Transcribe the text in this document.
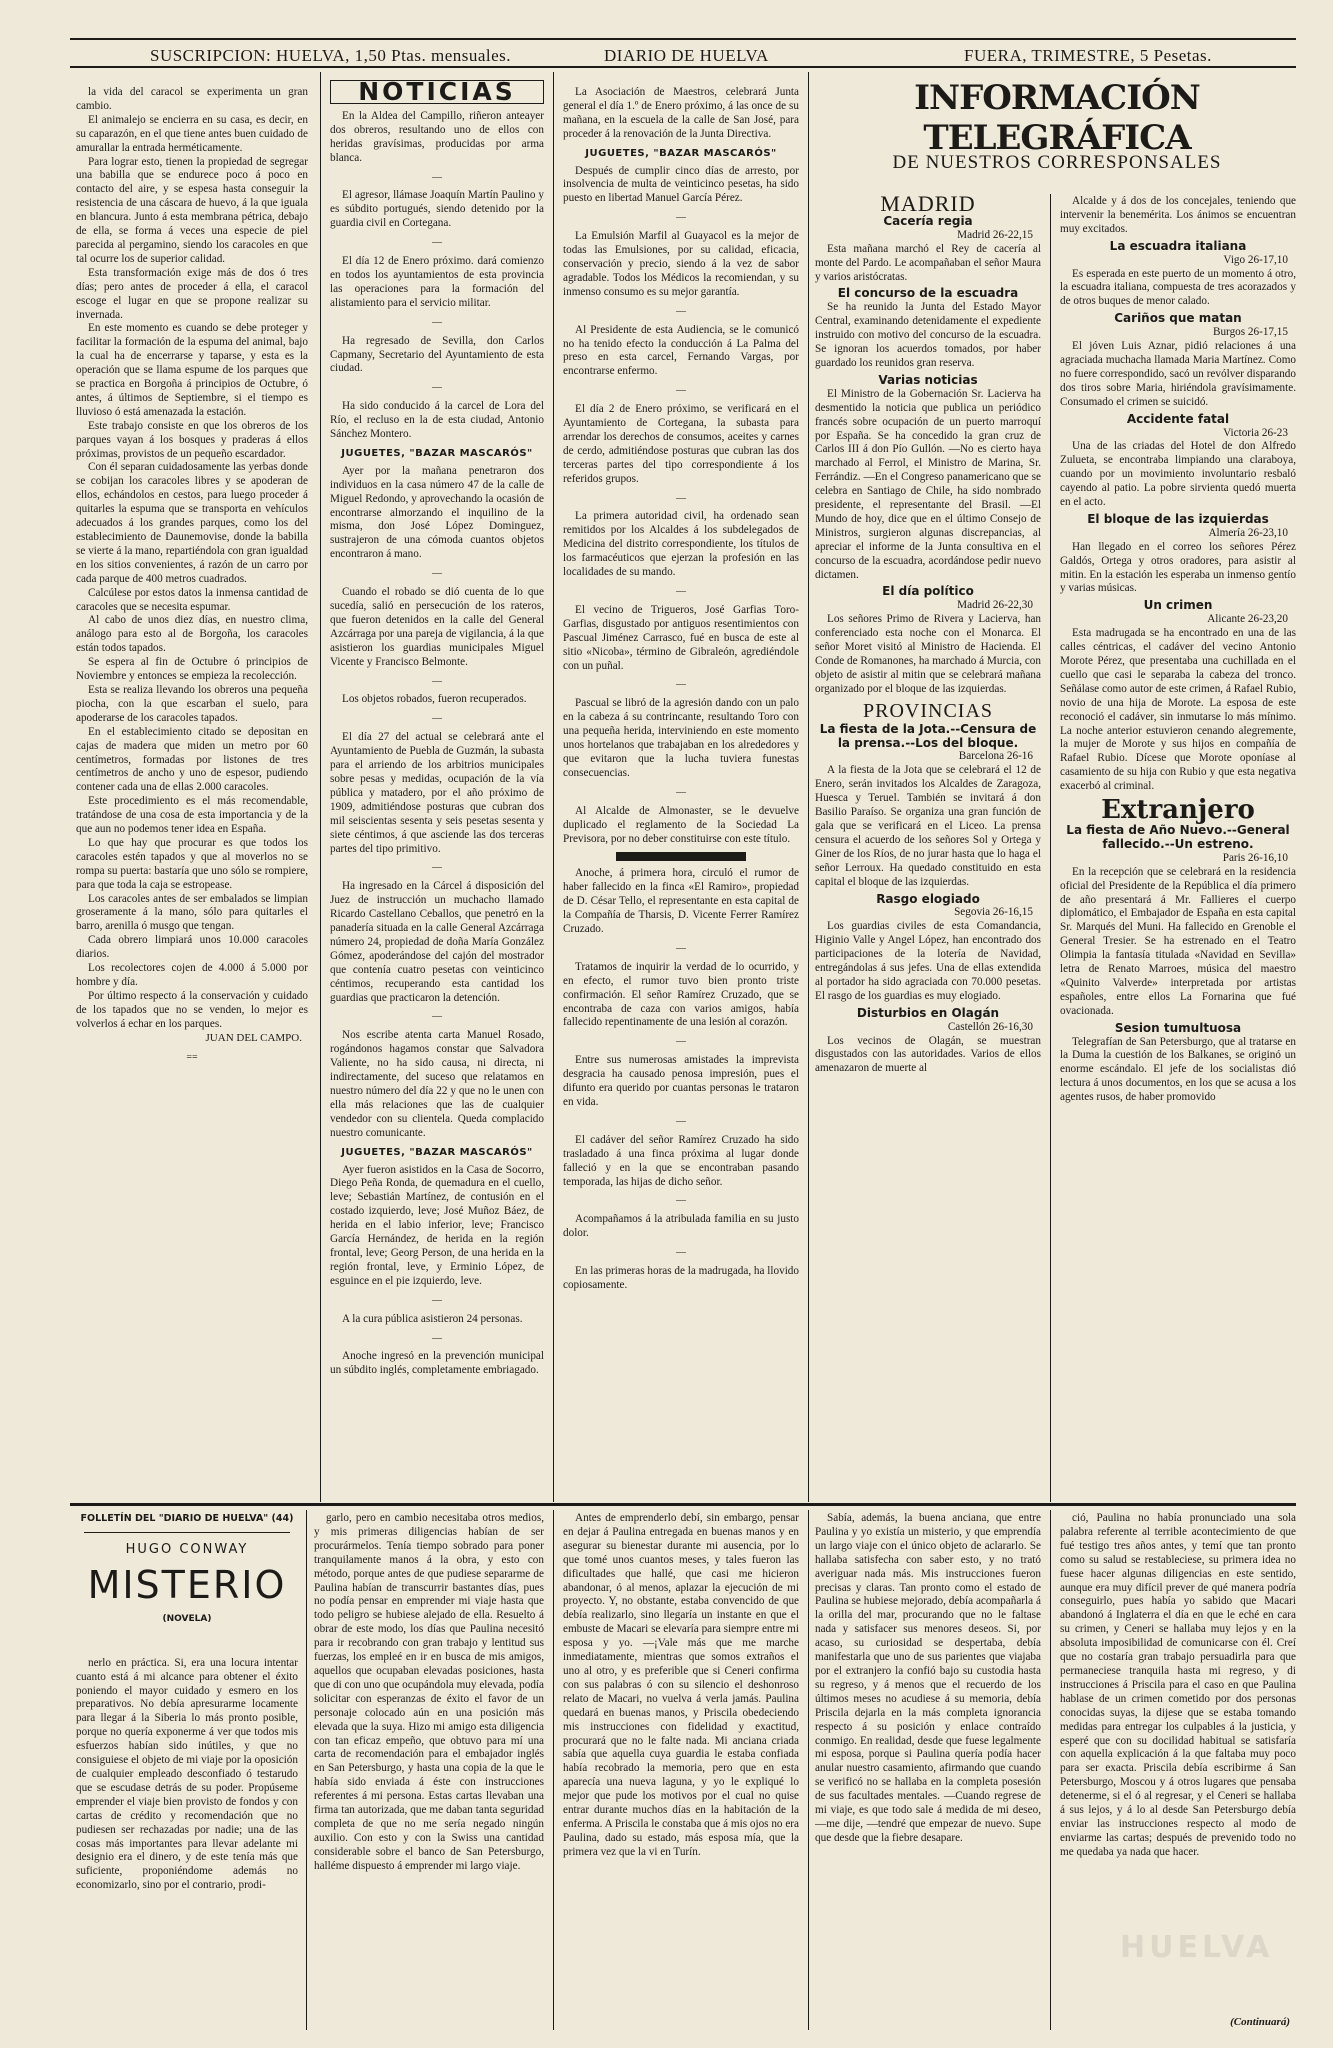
SUSCRIPCION: HUELVA, 1,50 Ptas. mensuales.	DIARIO DE HUELVA	FUERA, TRIMESTRE, 5 Pesetas.

la vida del caracol se experimenta un gran cambio.

El animalejo se encierra en su casa, es decir, en su caparazón, en el que tiene antes buen cuidado de amurallar la entrada herméticamente.

Para lograr esto, tienen la propiedad de segregar una babilla que se endurece poco á poco en contacto del aire, y se espesa hasta conseguir la resistencia de una cáscara de huevo, á la que iguala en blancura. Junto á esta membrana pétrica, debajo de ella, se forma á veces una especie de piel parecida al pergamino, siendo los caracoles en que tal ocurre los de superior calidad.

Esta transformación exige más de dos ó tres días; pero antes de proceder á ella, el caracol escoge el lugar en que se propone realizar su invernada.

En este momento es cuando se debe proteger y facilitar la formación de la espuma del animal, bajo la cual ha de encerrarse y taparse, y esta es la operación que se llama espume de los parques que se practica en Borgoña á principios de Octubre, ó antes, á últimos de Septiembre, si el tiempo es lluvioso ó está amenazada la estación.

Este trabajo consiste en que los obreros de los parques vayan á los bosques y praderas á ellos próximas, provistos de un pequeño escardador.

Con él separan cuidadosamente las yerbas donde se cobijan los caracoles libres y se apoderan de ellos, echándolos en cestos, para luego proceder á quitarles la espuma que se transporta en vehículos adecuados á los grandes parques, como los del establecimiento de Daunemovise, donde la babilla se vierte á la mano, repartiéndola con gran igualdad en los sitios convenientes, á razón de un carro por cada parque de 400 metros cuadrados.

Calcúlese por estos datos la inmensa cantidad de caracoles que se necesita espumar.

Al cabo de unos diez días, en nuestro clima, análogo para esto al de Borgoña, los caracoles están todos tapados.

Se espera al fin de Octubre ó principios de Noviembre y entonces se empieza la recolección.

Esta se realiza llevando los obreros una pequeña piocha, con la que escarban el suelo, para apoderarse de los caracoles tapados.

En el establecimiento citado se depositan en cajas de madera que miden un metro por 60 centímetros, formadas por listones de tres centímetros de ancho y uno de espesor, pudiendo contener cada una de ellas 2.000 caracoles.

Este procedimiento es el más recomendable, tratándose de una cosa de esta importancia y de la que aun no podemos tener idea en España.

Lo que hay que procurar es que todos los caracoles estén tapados y que al moverlos no se rompa su puerta: bastaría que uno sólo se rompiere, para que toda la caja se estropease.

Los caracoles antes de ser embalados se limpian groseramente á la mano, sólo para quitarles el barro, arenilla ó musgo que tengan.

Cada obrero limpiará unos 10.000 caracoles diarios.

Los recolectores cojen de 4.000 á 5.000 por hombre y día.

Por último respecto á la conservación y cuidado de los tapados que no se venden, lo mejor es volverlos á echar en los parques.

JUAN DEL CAMPO.
==
NOTICIAS

En la Aldea del Campillo, riñeron anteayer dos obreros, resultando uno de ellos con heridas gravísimas, producidas por arma blanca.

—

El agresor, llámase Joaquín Martín Paulino y es súbdito portugués, siendo detenido por la guardia civil en Cortegana.

—

El día 12 de Enero próximo. dará comienzo en todos los ayuntamientos de esta provincia las operaciones para la formación del alistamiento para el servicio militar.

—

Ha regresado de Sevilla, don Carlos Capmany, Secretario del Ayuntamiento de esta ciudad.

—

Ha sido conducido á la carcel de Lora del Río, el recluso en la de esta ciudad, Antonio Sánchez Montero.

JUGUETES, "BAZAR MASCARÓS"

Ayer por la mañana penetraron dos individuos en la casa número 47 de la calle de Miguel Redondo, y aprovechando la ocasión de encontrarse almorzando el inquilino de la misma, don José López Dominguez, sustrajeron de una cómoda cuantos objetos encontraron á mano.

—

Cuando el robado se dió cuenta de lo que sucedía, salió en persecución de los rateros, que fueron detenidos en la calle del General Azcárraga por una pareja de vigilancia, á la que asistieron los guardias municipales Miguel Vicente y Francisco Belmonte.

—

Los objetos robados, fueron recuperados.

—

El día 27 del actual se celebrará ante el Ayuntamiento de Puebla de Guzmán, la subasta para el arriendo de los arbitrios municipales sobre pesas y medidas, ocupación de la vía pública y matadero, por el año próximo de 1909, admitiéndose posturas que cubran dos mil seiscientas sesenta y seis pesetas sesenta y siete céntimos, á que asciende las dos terceras partes del tipo primitivo.

—

Ha ingresado en la Cárcel á disposición del Juez de instrucción un muchacho llamado Ricardo Castellano Ceballos, que penetró en la panadería situada en la calle General Azcárraga número 24, propiedad de doña María González Gómez, apoderándose del cajón del mostrador que contenía cuatro pesetas con veinticinco céntimos, recuperando esta cantidad los guardias que practicaron la detención.

—

Nos escribe atenta carta Manuel Rosado, rogándonos hagamos constar que Salvadora Valiente, no ha sido causa, ni directa, ni indirectamente, del suceso que relatamos en nuestro número del día 22 y que no le unen con ella más relaciones que las de cualquier vendedor con su clientela. Queda complacido nuestro comunicante.

JUGUETES, "BAZAR MASCARÓS"

Ayer fueron asistidos en la Casa de Socorro, Diego Peña Ronda, de quemadura en el cuello, leve; Sebastián Martínez, de contusión en el costado izquierdo, leve; José Muñoz Báez, de herida en el labio inferior, leve; Francisco García Hernández, de herida en la región frontal, leve; Georg Person, de una herida en la región frontal, leve, y Erminio López, de esguince en el pie izquierdo, leve.

—

A la cura pública asistieron 24 personas.

—

Anoche ingresó en la prevención municipal un súbdito inglés, completamente embriagado.

La Asociación de Maestros, celebrará Junta general el día 1.º de Enero próximo, á las once de su mañana, en la escuela de la calle de San José, para proceder á la renovación de la Junta Directiva.

JUGUETES, "BAZAR MASCARÓS"

Después de cumplir cinco días de arresto, por insolvencia de multa de veinticinco pesetas, ha sido puesto en libertad Manuel García Pérez.

—

La Emulsión Marfil al Guayacol es la mejor de todas las Emulsiones, por su calidad, eficacia, conservación y precio, siendo á la vez de sabor agradable. Todos los Médicos la recomiendan, y su inmenso consumo es su mejor garantía.

—

Al Presidente de esta Audiencia, se le comunicó no ha tenido efecto la conducción á La Palma del preso en esta carcel, Fernando Vargas, por encontrarse enfermo.

—

El día 2 de Enero próximo, se verificará en el Ayuntamiento de Cortegana, la subasta para arrendar los derechos de consumos, aceites y carnes de cerdo, admitiéndose posturas que cubran las dos terceras partes del tipo correspondiente á los referidos grupos.

—

La primera autoridad civil, ha ordenado sean remitidos por los Alcaldes á los subdelegados de Medicina del distrito correspondiente, los títulos de los farmacéuticos que ejerzan la profesión en las localidades de su mando.

—

El vecino de Trigueros, José Garfias Toro-Garfias, disgustado por antiguos resentimientos con Pascual Jiménez Carrasco, fué en busca de este al sitio «Nicoba», término de Gibraleón, agrediéndole con un puñal.

—

Pascual se libró de la agresión dando con un palo en la cabeza á su contrincante, resultando Toro con una pequeña herida, interviniendo en este momento unos hortelanos que trabajaban en los alrededores y que evitaron que la lucha tuviera funestas consecuencias.

—

Al Alcalde de Almonaster, se le devuelve duplicado el reglamento de la Sociedad La Previsora, por no deber constituirse con este título.

Anoche, á primera hora, circuló el rumor de haber fallecido en la finca «El Ramiro», propiedad de D. César Tello, el representante en esta capital de la Compañía de Tharsis, D. Vicente Ferrer Ramírez Cruzado.

—

Tratamos de inquirir la verdad de lo ocurrido, y en efecto, el rumor tuvo bien pronto triste confirmación. El señor Ramírez Cruzado, que se encontraba de caza con varios amigos, había fallecido repentinamente de una lesión al corazón.

—

Entre sus numerosas amistades la imprevista desgracia ha causado penosa impresión, pues el difunto era querido por cuantas personas le trataron en vida.

—

El cadáver del señor Ramírez Cruzado ha sido trasladado á una finca próxima al lugar donde falleció y en la que se encontraban pasando temporada, las hijas de dicho señor.

—

Acompañamos á la atribulada familia en su justo dolor.

—

En las primeras horas de la madrugada, ha llovido copiosamente.

INFORMACIÓN TELEGRÁFICA
DE NUESTROS CORRESPONSALES
MADRID
Cacería regia
Madrid 26-22,15

Esta mañana marchó el Rey de cacería al monte del Pardo. Le acompañaban el señor Maura y varios aristócratas.

El concurso de la escuadra

Se ha reunido la Junta del Estado Mayor Central, examinando detenidamente el expediente instruido con motivo del concurso de la escuadra. Se ignoran los acuerdos tomados, por haber guardado los reunidos gran reserva.

Varias noticias

El Ministro de la Gobernación Sr. Lacierva ha desmentido la noticia que publica un periódico francés sobre ocupación de un puerto marroquí por España. Se ha concedido la gran cruz de Carlos III á don Pío Gullón. —No es cierto haya marchado al Ferrol, el Ministro de Marina, Sr. Ferrándiz. —En el Congreso panamericano que se celebra en Santiago de Chile, ha sido nombrado presidente, el representante del Brasil. —El Mundo de hoy, dice que en el último Consejo de Ministros, surgieron algunas discrepancias, al apreciar el informe de la Junta consultiva en el concurso de la escuadra, acordándose pedir nuevo dictamen.

El día político
Madrid 26-22,30

Los señores Primo de Rivera y Lacierva, han conferenciado esta noche con el Monarca. El señor Moret visitó al Ministro de Hacienda. El Conde de Romanones, ha marchado á Murcia, con objeto de asistir al mitin que se celebrará mañana organizado por el bloque de las izquierdas.

PROVINCIAS
La fiesta de la Jota.--Censura de la prensa.--Los del bloque.
Barcelona 26-16

A la fiesta de la Jota que se celebrará el 12 de Enero, serán invitados los Alcaldes de Zaragoza, Huesca y Teruel. También se invitará á don Basilio Paraíso. Se organiza una gran función de gala que se verificará en el Liceo. La prensa censura el acuerdo de los señores Sol y Ortega y Giner de los Ríos, de no jurar hasta que lo haga el señor Lerroux. Ha quedado constituido en esta capital el bloque de las izquierdas.

Rasgo elogiado
Segovia 26-16,15

Los guardias civiles de esta Comandancia, Higinio Valle y Angel López, han encontrado dos participaciones de la lotería de Navidad, entregándolas á sus jefes. Una de ellas extendida al portador ha sido agraciada con 70.000 pesetas. El rasgo de los guardias es muy elogiado.

Disturbios en Olagán
Castellón 26-16,30

Los vecinos de Olagán, se muestran disgustados con las autoridades. Varios de ellos amenazaron de muerte al

Alcalde y á dos de los concejales, teniendo que intervenir la benemérita. Los ánimos se encuentran muy excitados.

La escuadra italiana
Vigo 26-17,10

Es esperada en este puerto de un momento á otro, la escuadra italiana, compuesta de tres acorazados y de otros buques de menor calado.

Cariños que matan
Burgos 26-17,15

El jóven Luis Aznar, pidió relaciones á una agraciada muchacha llamada Maria Martínez. Como no fuere correspondido, sacó un revólver disparando dos tiros sobre Maria, hiriéndola gravísimamente. Consumado el crimen se suicidó.

Accidente fatal
Victoria 26-23

Una de las criadas del Hotel de don Alfredo Zulueta, se encontraba limpiando una claraboya, cuando por un movimiento involuntario resbaló cayendo al patio. La pobre sirvienta quedó muerta en el acto.

El bloque de las izquierdas
Almería 26-23,10

Han llegado en el correo los señores Pérez Galdós, Ortega y otros oradores, para asistir al mitin. En la estación les esperaba un inmenso gentío y varias músicas.

Un crimen
Alicante 26-23,20

Esta madrugada se ha encontrado en una de las calles céntricas, el cadáver del vecino Antonio Morote Pérez, que presentaba una cuchillada en el cuello que casi le separaba la cabeza del tronco. Señálase como autor de este crimen, á Rafael Rubio, novio de una hija de Morote. La esposa de este reconoció el cadáver, sin inmutarse lo más mínimo. La noche anterior estuvieron cenando alegremente, la mujer de Morote y sus hijos en compañía de Rafael Rubio. Dícese que Morote oponíase al casamiento de su hija con Rubio y que esta negativa exacerbó al criminal.

Extranjero
La fiesta de Año Nuevo.--General fallecido.--Un estreno.
Paris 26-16,10

En la recepción que se celebrará en la residencia oficial del Presidente de la República el día primero de año presentará á Mr. Fallieres el cuerpo diplomático, el Embajador de España en esta capital Sr. Marqués del Muni. Ha fallecido en Grenoble el General Tresier. Se ha estrenado en el Teatro Olimpia la fantasía titulada «Navidad en Sevilla» letra de Renato Marroes, música del maestro «Quinito Valverde» interpretada por artistas españoles, entre ellos La Fornarina que fué ovacionada.

Sesion tumultuosa

Telegrafían de San Petersburgo, que al tratarse en la Duma la cuestión de los Balkanes, se originó un enorme escándalo. El jefe de los socialistas dió lectura á unos documentos, en los que se acusa a los agentes rusos, de haber promovido

FOLLETÍN DEL "DIARIO DE HUELVA" (44)
HUGO CONWAY
MISTERIO
(NOVELA)

nerlo en práctica. Si, era una locura intentar cuanto está á mi alcance para obtener el éxito poniendo el mayor cuidado y esmero en los preparativos. No debía apresurarme locamente para llegar á la Siberia lo más pronto posible, porque no quería exponerme á ver que todos mis esfuerzos habían sido inútiles, y que no consiguiese el objeto de mi viaje por la oposición de cualquier empleado desconfiado ó testarudo que se escudase detrás de su poder. Propúseme emprender el viaje bien provisto de fondos y con cartas de crédito y recomendación que no pudiesen ser rechazadas por nadie; una de las cosas más importantes para llevar adelante mi designio era el dinero, y de este tenía más que suficiente, proponiéndome además no economizarlo, sino por el contrario, prodi-

garlo, pero en cambio necesitaba otros medios, y mis primeras diligencias habían de ser procurármelos. Tenía tiempo sobrado para poner tranquilamente manos á la obra, y esto con método, porque antes de que pudiese separarme de Paulina habían de transcurrir bastantes días, pues no podía pensar en emprender mi viaje hasta que todo peligro se hubiese alejado de ella. Resuelto á obrar de este modo, los días que Paulina necesitó para ir recobrando con gran trabajo y lentitud sus fuerzas, los empleé en ir en busca de mis amigos, aquellos que ocupaban elevadas posiciones, hasta que di con uno que ocupándola muy elevada, podía solicitar con esperanzas de éxito el favor de un personaje colocado aún en una posición más elevada que la suya. Hizo mi amigo esta diligencia con tan eficaz empeño, que obtuvo para mí una carta de recomendación para el embajador inglés en San Petersburgo, y hasta una copia de la que le había sido enviada á éste con instrucciones referentes á mi persona. Estas cartas llevaban una firma tan autorizada, que me daban tanta seguridad completa de que no me sería negado ningún auxilio. Con esto y con la Swiss una cantidad considerable sobre el banco de San Petersburgo, halléme dispuesto á emprender mi largo viaje.

Antes de emprenderlo debí, sin embargo, pensar en dejar á Paulina entregada en buenas manos y en asegurar su bienestar durante mi ausencia, por lo que tomé unos cuantos meses, y tales fueron las dificultades que hallé, que casi me hicieron abandonar, ó al menos, aplazar la ejecución de mi proyecto. Y, no obstante, estaba convencido de que debía realizarlo, sino llegaría un instante en que el embuste de Macari se elevaría para siempre entre mi esposa y yo. —¡Vale más que me marche inmediatamente, mientras que somos extraños el uno al otro, y es preferible que si Ceneri confirma con sus palabras ó con su silencio el deshonroso relato de Macari, no vuelva á verla jamás. Paulina quedará en buenas manos, y Priscila obedeciendo mis instrucciones con fidelidad y exactitud, procurará que no le falte nada. Mi anciana criada sabía que aquella cuya guardia le estaba confiada había recobrado la memoria, pero que en esta aparecía una nueva laguna, y yo le expliqué lo mejor que pude los motivos por el cual no quise entrar durante muchos días en la habitación de la enferma. A Priscila le constaba que á mis ojos no era Paulina, dado su estado, más esposa mía, que la primera vez que la vi en Turín.

Sabía, además, la buena anciana, que entre Paulina y yo existía un misterio, y que emprendía un largo viaje con el único objeto de aclararlo. Se hallaba satisfecha con saber esto, y no trató averiguar nada más. Mis instrucciones fueron precisas y claras. Tan pronto como el estado de Paulina se hubiese mejorado, debía acompañarla á la orilla del mar, procurando que no le faltase nada y satisfacer sus menores deseos. Si, por acaso, su curiosidad se despertaba, debía manifestarla que uno de sus parientes que viajaba por el extranjero la confió bajo su custodia hasta su regreso, y á menos que el recuerdo de los últimos meses no acudiese á su memoria, debía Priscila dejarla en la más completa ignorancia respecto á su posición y enlace contraído conmigo. En realidad, desde que fuese legalmente mi esposa, porque si Paulina quería podía hacer anular nuestro casamiento, afirmando que cuando se verificó no se hallaba en la completa posesión de sus facultades mentales. —Cuando regrese de mi viaje, es que todo sale á medida de mi deseo,—me dije, —tendré que empezar de nuevo. Supe que desde que la fiebre desapare.

ció, Paulina no había pronunciado una sola palabra referente al terrible acontecimiento de que fué testigo tres años antes, y temí que tan pronto como su salud se restableciese, su primera idea no fuese hacer algunas diligencias en este sentido, aunque era muy difícil prever de qué manera podría conseguirlo, pues había yo sabido que Macari abandonó á Inglaterra el día en que le eché en cara su crimen, y Ceneri se hallaba muy lejos y en la absoluta imposibilidad de comunicarse con él. Creí que no costaría gran trabajo persuadirla para que permaneciese tranquila hasta mi regreso, y di instrucciones á Priscila para el caso en que Paulina hablase de un crimen cometido por dos personas conocidas suyas, la dijese que se estaba tomando medidas para entregar los culpables á la justicia, y esperé que con su docilidad habitual se satisfaría con aquella explicación á la que faltaba muy poco para ser exacta. Priscila debía escribirme á San Petersburgo, Moscou y á otros lugares que pensaba detenerme, si el ó al regresar, y el Ceneri se hallaba á sus lejos, y á lo al desde San Petersburgo debía enviar las instrucciones respecto al modo de enviarme las cartas; después de prevenido todo no me quedaba ya nada que hacer.

(Continuará)
HUELVA
